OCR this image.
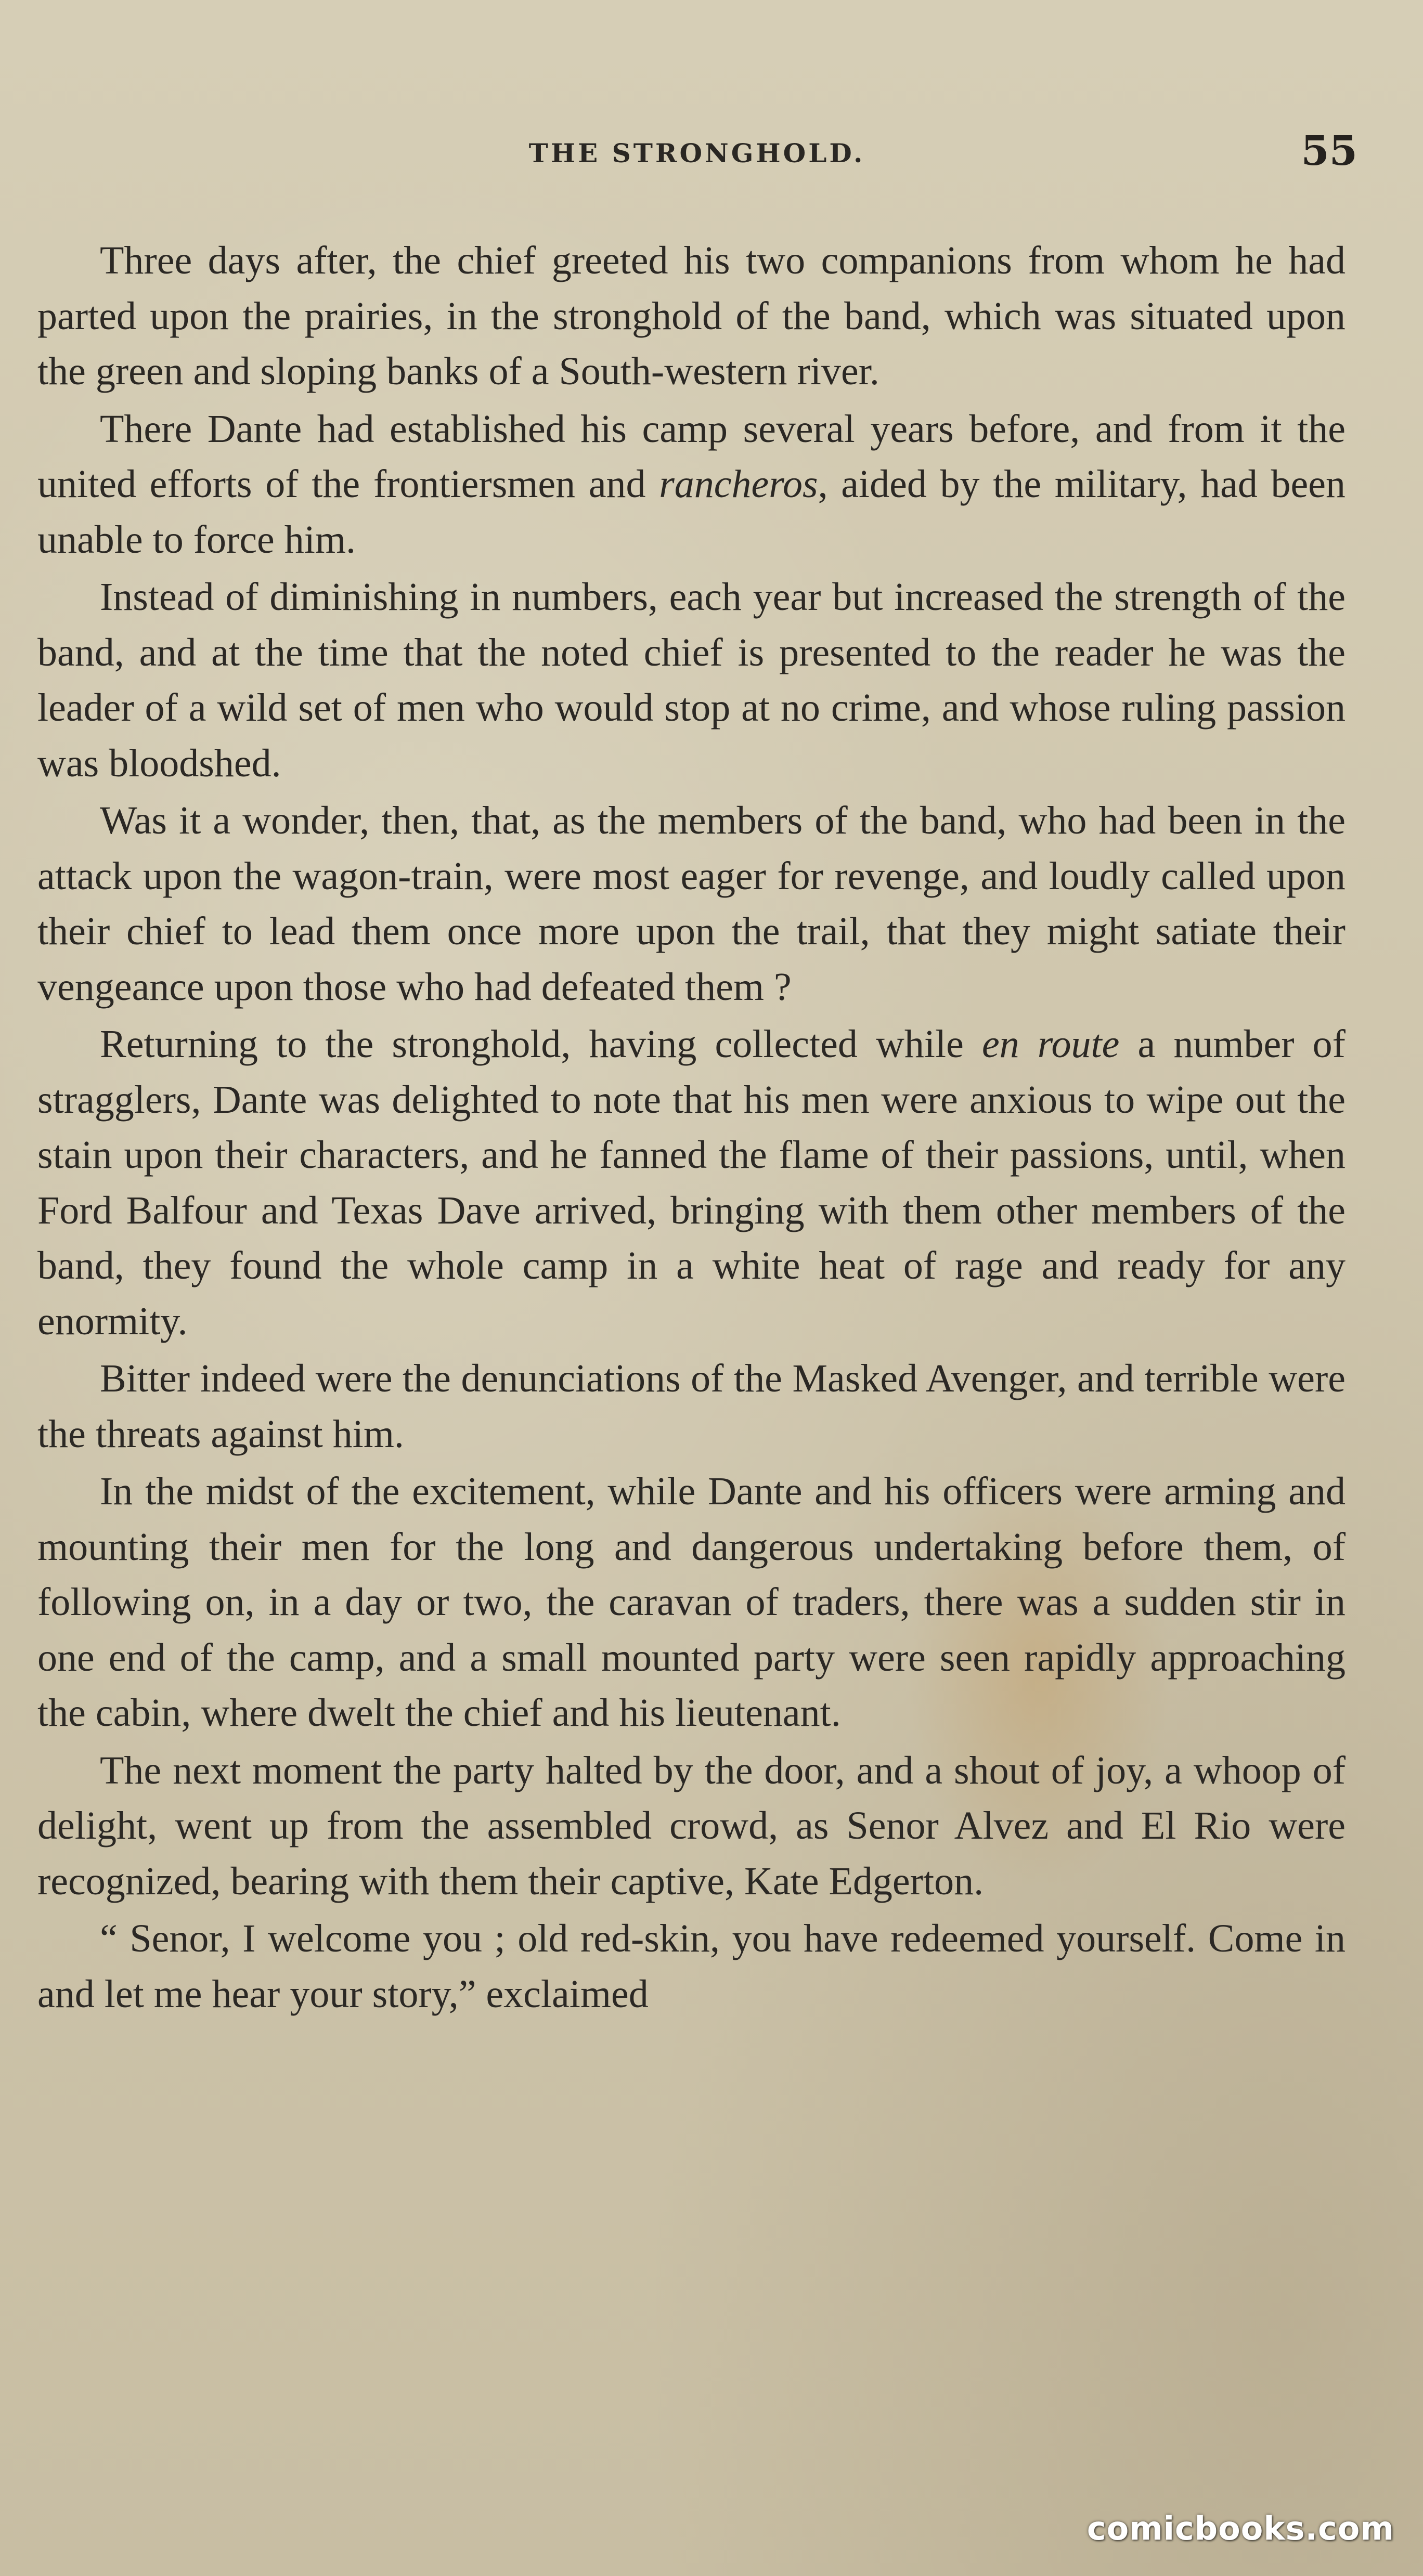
THE STRONGHOLD.	55

Three days after, the chief greeted his two companions from whom he had parted upon the prairies, in the stronghold of the band, which was situated upon the green and sloping banks of a South-western river.

There Dante had established his camp several years before, and from it the united efforts of the frontiersmen and rancheros, aided by the military, had been unable to force him.

Instead of diminishing in numbers, each year but increased the strength of the band, and at the time that the noted chief is presented to the reader he was the leader of a wild set of men who would stop at no crime, and whose ruling passion was bloodshed.

Was it a wonder, then, that, as the members of the band, who had been in the attack upon the wagon-train, were most eager for revenge, and loudly called upon their chief to lead them once more upon the trail, that they might satiate their vengeance upon those who had defeated them ?

Returning to the stronghold, having collected while en route a number of stragglers, Dante was delighted to note that his men were anxious to wipe out the stain upon their characters, and he fanned the flame of their passions, until, when Ford Balfour and Texas Dave arrived, bringing with them other members of the band, they found the whole camp in a white heat of rage and ready for any enormity.

Bitter indeed were the denunciations of the Masked Avenger, and terrible were the threats against him.

In the midst of the excitement, while Dante and his officers were arming and mounting their men for the long and dangerous undertaking before them, of following on, in a day or two, the caravan of traders, there was a sudden stir in one end of the camp, and a small mounted party were seen rapidly approaching the cabin, where dwelt the chief and his lieutenant.

The next moment the party halted by the door, and a shout of joy, a whoop of delight, went up from the assembled crowd, as Senor Alvez and El Rio were recognized, bearing with them their captive, Kate Edgerton.

“ Senor, I welcome you ; old red-skin, you have redeemed yourself. Come in and let me hear your story,” exclaimed

comicbooks.com
